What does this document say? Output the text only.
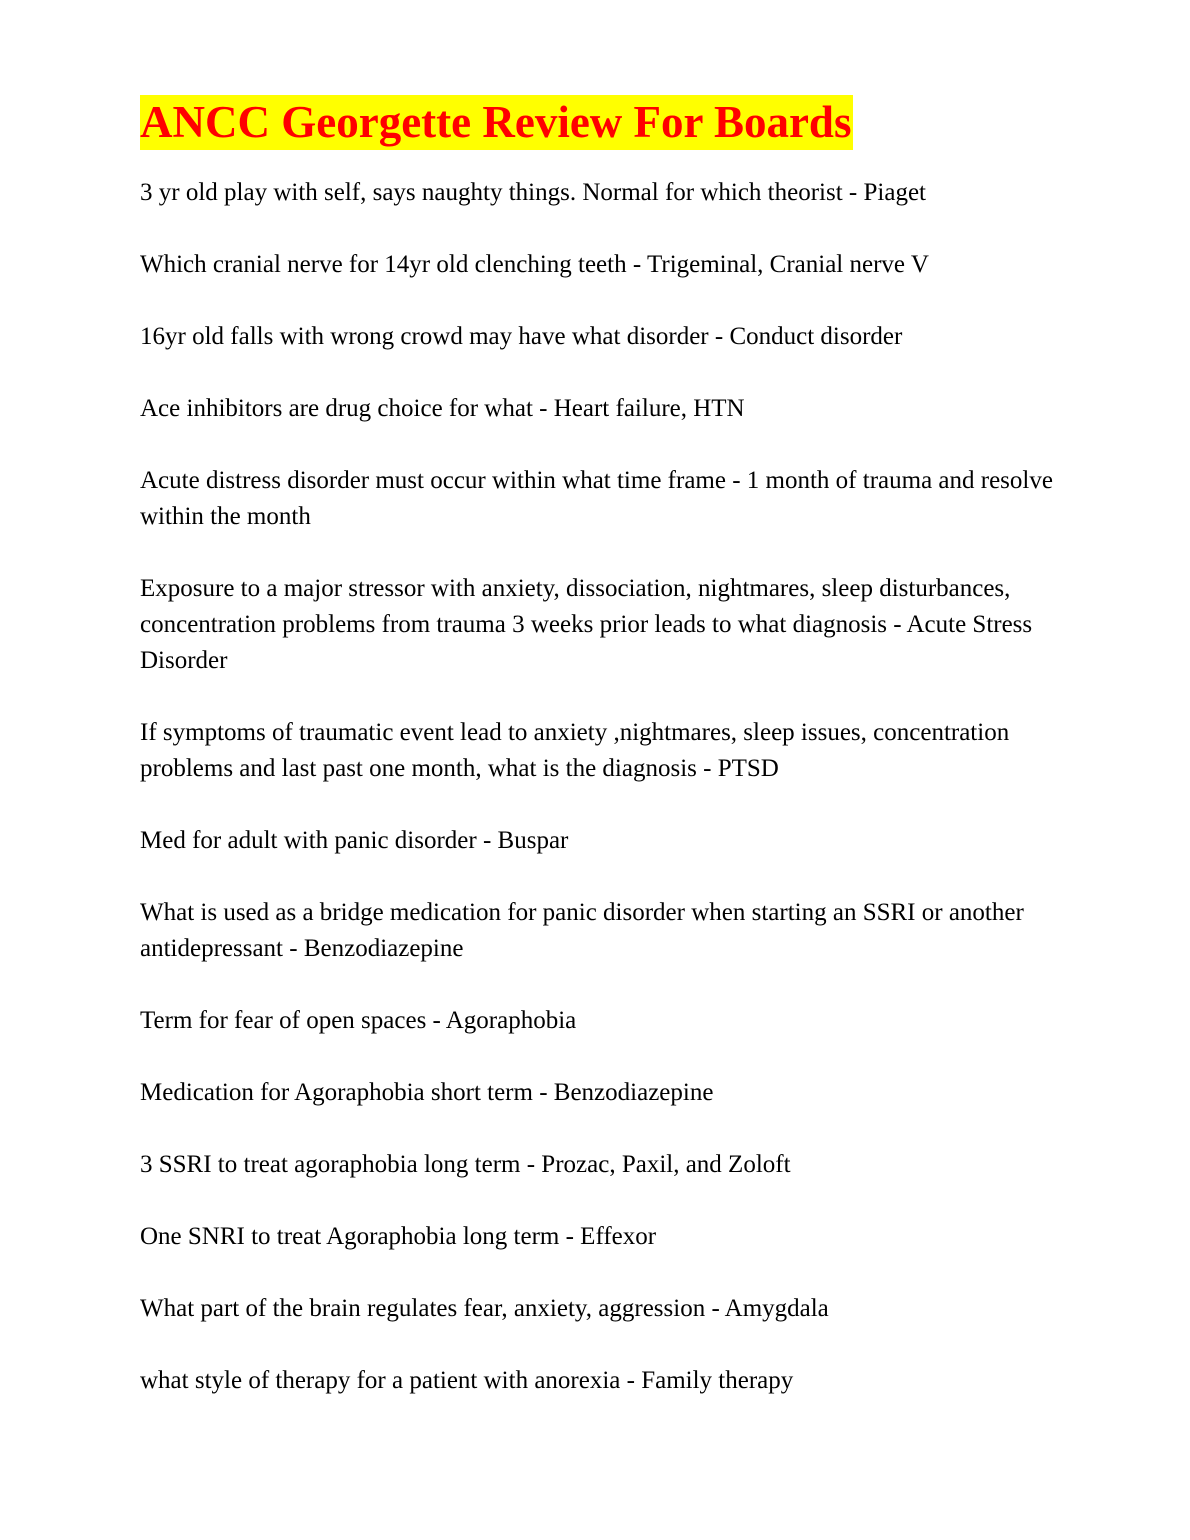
ANCC Georgette Review For Boards

3 yr old play with self, says naughty things. Normal for which theorist - Piaget

Which cranial nerve for 14yr old clenching teeth - Trigeminal, Cranial nerve V

16yr old falls with wrong crowd may have what disorder - Conduct disorder

Ace inhibitors are drug choice for what - Heart failure, HTN

Acute distress disorder must occur within what time frame - 1 month of trauma and resolve within the month

Exposure to a major stressor with anxiety, dissociation, nightmares, sleep disturbances, concentration problems from trauma 3 weeks prior leads to what diagnosis - Acute Stress Disorder

If symptoms of traumatic event lead to anxiety ,nightmares, sleep issues, concentration problems and last past one month, what is the diagnosis - PTSD

Med for adult with panic disorder - Buspar

What is used as a bridge medication for panic disorder when starting an SSRI or another antidepressant - Benzodiazepine

Term for fear of open spaces - Agoraphobia

Medication for Agoraphobia short term - Benzodiazepine

3 SSRI to treat agoraphobia long term - Prozac, Paxil, and Zoloft

One SNRI to treat Agoraphobia long term - Effexor

What part of the brain regulates fear, anxiety, aggression - Amygdala

what style of therapy for a patient with anorexia - Family therapy
